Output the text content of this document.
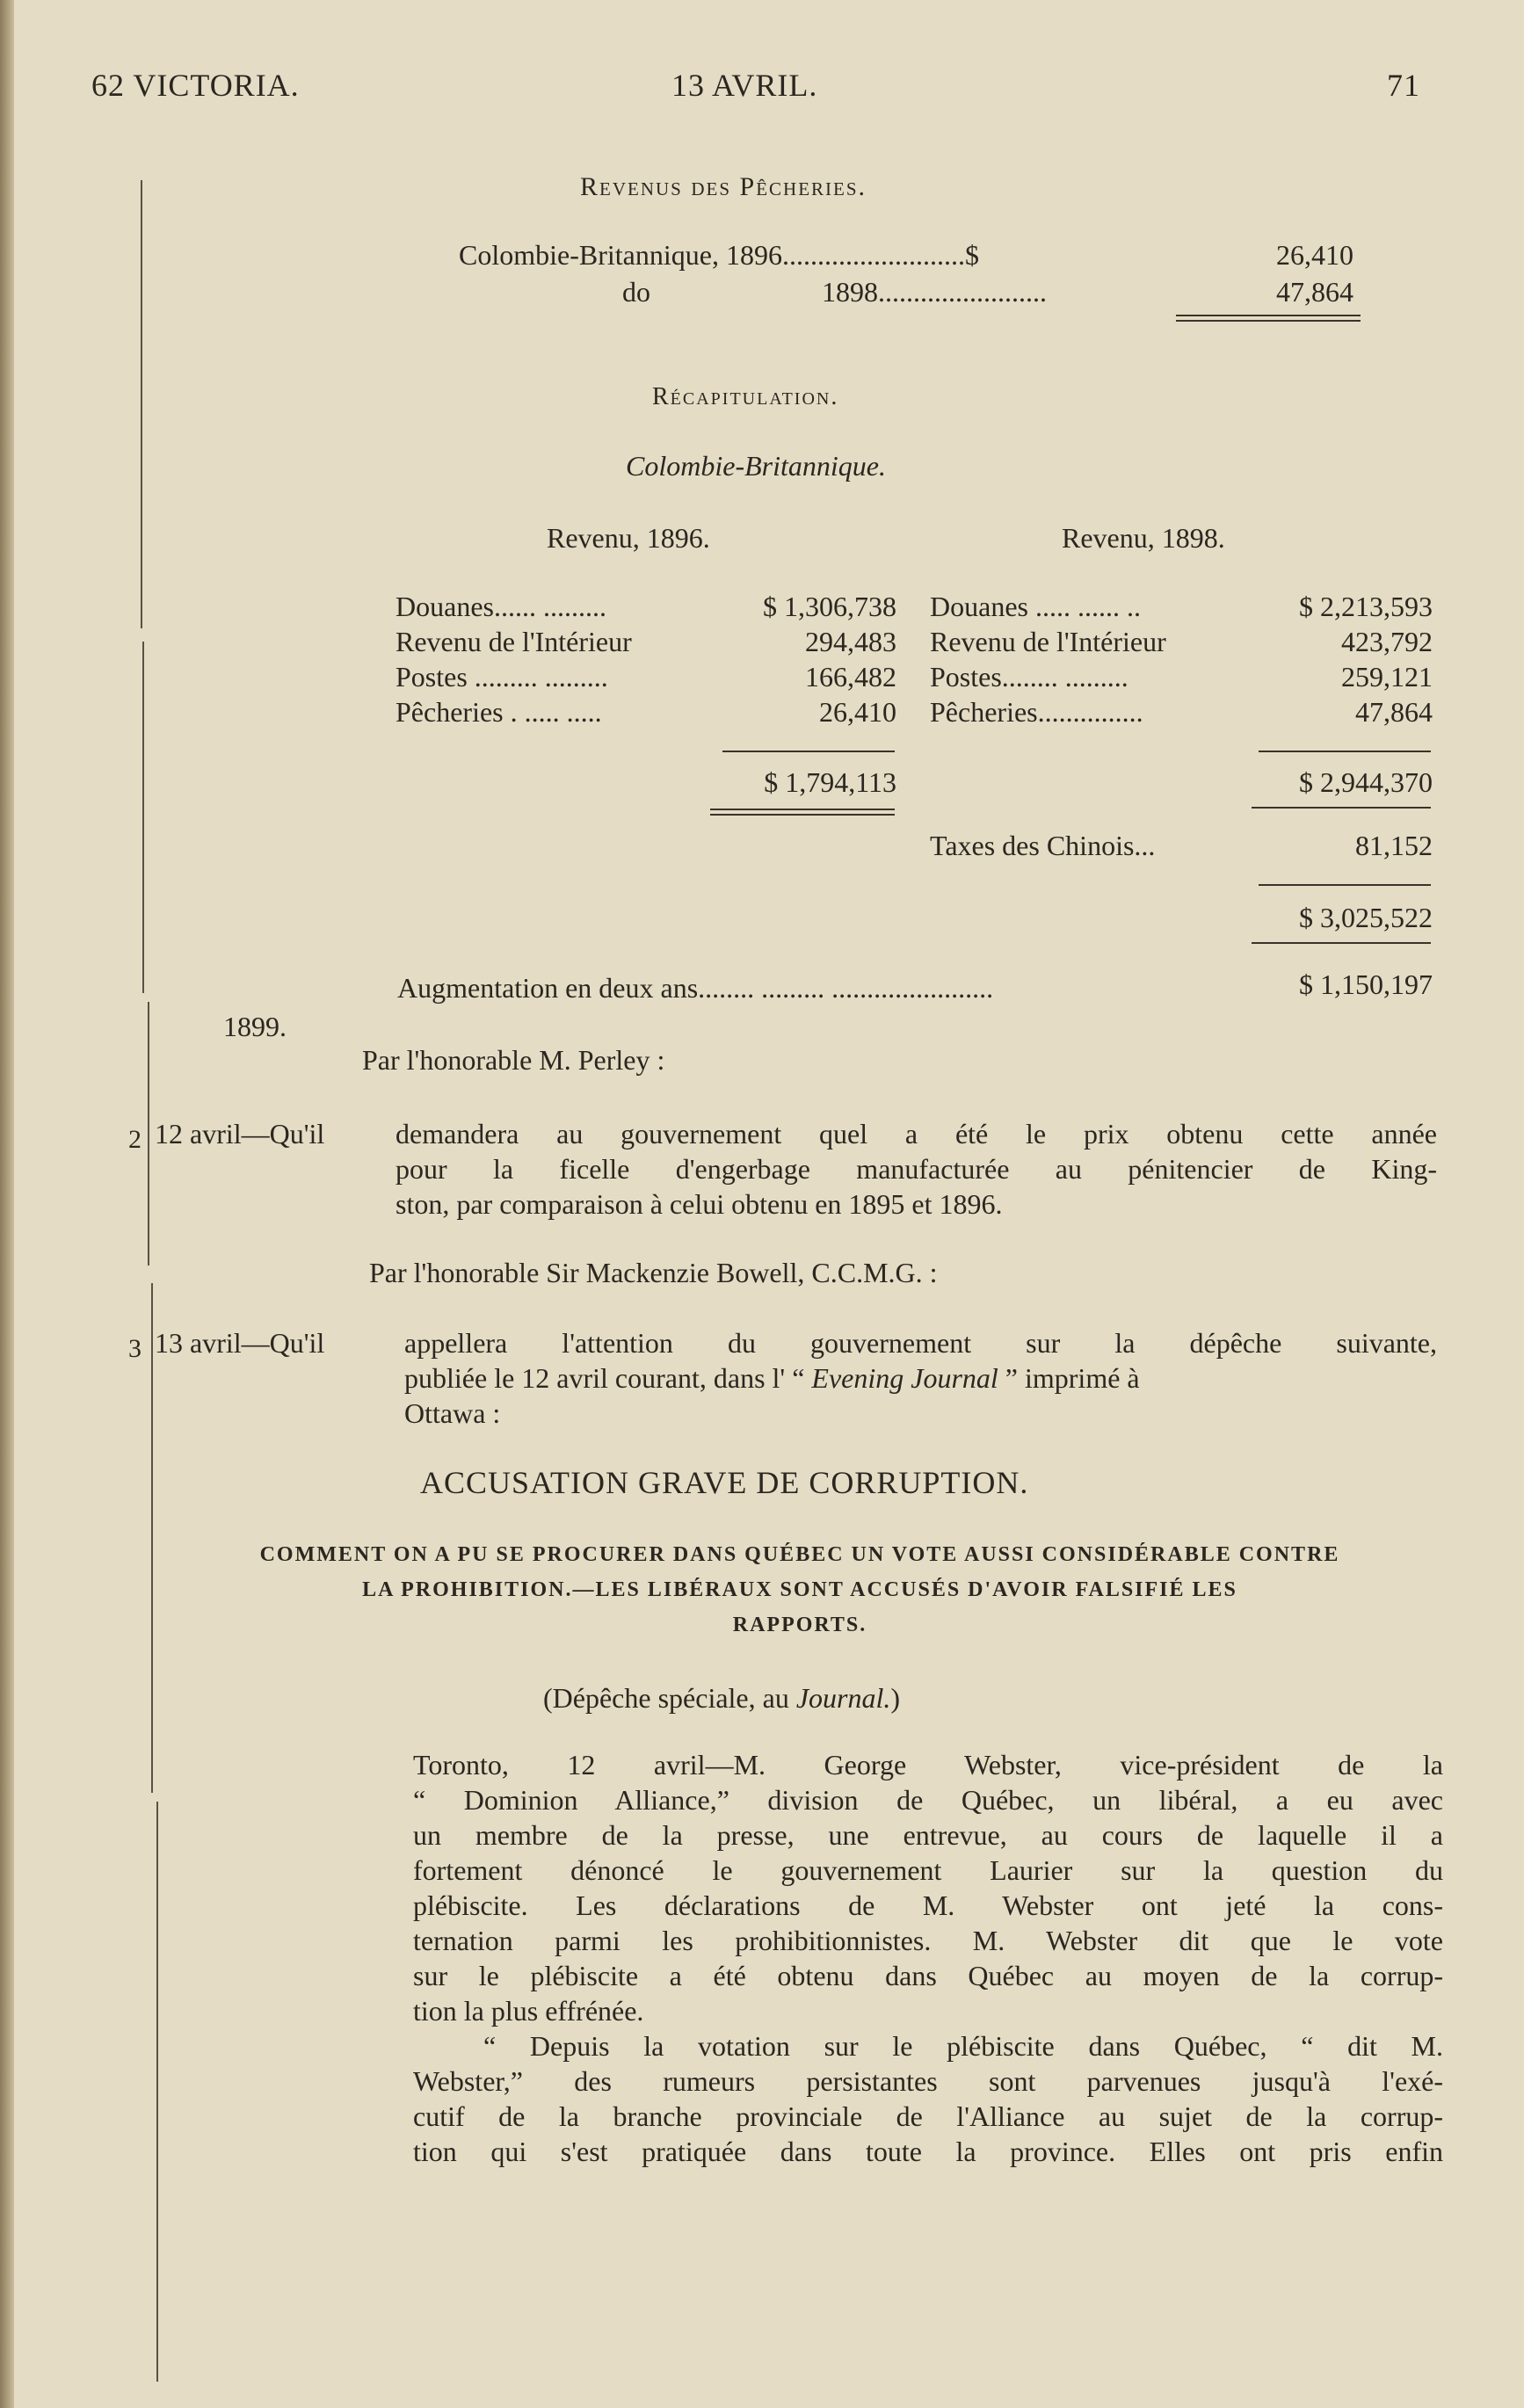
62 VICTORIA.	13 AVRIL.	71
Revenus des Pêcheries.
Colombie-Britannique, 1896..........................$	26,410
do	1898........................	47,864
Récapitulation.
Colombie-Britannique.
Revenu, 1896.	Revenu, 1898.
Douanes...... .........	$ 1,306,738
Revenu de l'Intérieur	294,483
Postes ......... .........	166,482
Pêcheries . ..... .....	26,410
$ 1,794,113
Douanes ..... ...... ..	$ 2,213,593
Revenu de l'Intérieur	423,792
Postes........ .........	259,121
Pêcheries...............	47,864
$ 2,944,370
Taxes des Chinois...	81,152
$ 3,025,522
Augmentation en deux ans........ ......... .......................	$ 1,150,197
1899.
Par l'honorable M. Perley :
2 12 avril—Qu'il	demandera au gouvernement quel a été le prix obtenu cette année
pour la ficelle d'engerbage manufacturée au pénitencier de King-
ston, par comparaison à celui obtenu en 1895 et 1896.
Par l'honorable Sir Mackenzie Bowell, C.C.M.G. :
3 13 avril—Qu'il	appellera l'attention du gouvernement sur la dépêche suivante,
publiée le 12 avril courant, dans l' “ Evening Journal ” imprimé à
Ottawa :
ACCUSATION GRAVE DE CORRUPTION.
COMMENT ON A PU SE PROCURER DANS QUÉBEC UN VOTE AUSSI CONSIDÉRABLE CONTRE
LA PROHIBITION.—LES LIBÉRAUX SONT ACCUSÉS D'AVOIR FALSIFIÉ LES
RAPPORTS.
(Dépêche spéciale, au Journal.)
Toronto, 12 avril—M. George Webster, vice-président de la
“ Dominion Alliance,” division de Québec, un libéral, a eu avec
un membre de la presse, une entrevue, au cours de laquelle il a
fortement dénoncé le gouvernement Laurier sur la question du
plébiscite. Les déclarations de M. Webster ont jeté la cons-
ternation parmi les prohibitionnistes. M. Webster dit que le vote
sur le plébiscite a été obtenu dans Québec au moyen de la corrup-
tion la plus effrénée.
“ Depuis la votation sur le plébiscite dans Québec, “ dit M.
Webster,” des rumeurs persistantes sont parvenues jusqu'à l'exé-
cutif de la branche provinciale de l'Alliance au sujet de la corrup-
tion qui s'est pratiquée dans toute la province. Elles ont pris enfin
